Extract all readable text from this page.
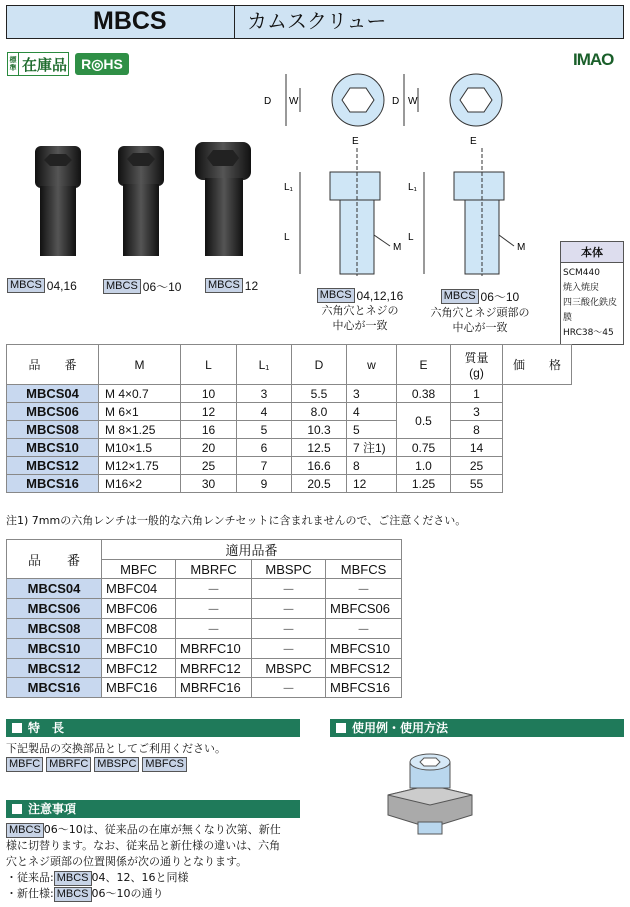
MBCS	カムスクリュー
標準 在庫品	R◎HS	IMAO
MBCS 04,16	MBCS 06～10 MBCS 12
D W	D W
E
L₁
L
M
E
L₁
L
M
MBCS 04,12,16
六角穴とネジの
中心が一致
MBCS 06～10
六角穴とネジ頭部の
中心が一致
本体
SCM440
焼入焼戻
四三酸化鉄皮膜
HRC38～45
品　　番	M	L	L₁	D	w	E	質量
(g)	価　　格
MBCS04	M 4×0.7	10	3	5.5	3	0.38	1	
MBCS06	M 6×1	12	4	8.0	4	0.5	3	
MBCS08	M 8×1.25	16	5	10.3	5		8	
MBCS10	M10×1.5	20	6	12.5	7 注1)	0.75	14	
MBCS12	M12×1.75	25	7	16.6	8	1.0	25	
MBCS16	M16×2	30	9	20.5	12	1.25	55	
注1) 7mmの六角レンチは一般的な六角レンチセットに含まれませんので、ご注意ください。
品　　番	適用品番			
	MBFC	MBRFC	MBSPC	MBFCS
MBCS04	MBFC04	－	－	－
MBCS06	MBFC06	－	－	MBFCS06
MBCS08	MBFC08	－	－	－
MBCS10	MBFC10	MBRFC10	－	MBFCS10
MBCS12	MBFC12	MBRFC12	MBSPC	MBFCS12
MBCS16	MBFC16	MBRFC16	－	MBFCS16
特　長
下記製品の交換部品としてご利用ください。
MBFC MBRFC MBSPC MBFCS
使用例・使用方法
注意事項
MBCS 06～10は、従来品の在庫が無くなり次第、新仕
様に切替ります。なお、従来品と新仕様の違いは、六角
穴とネジ頭部の位置関係が次の通りとなります。
・従来品: MBCS 04、12、16と同様
・新仕様: MBCS 06～10の通り
